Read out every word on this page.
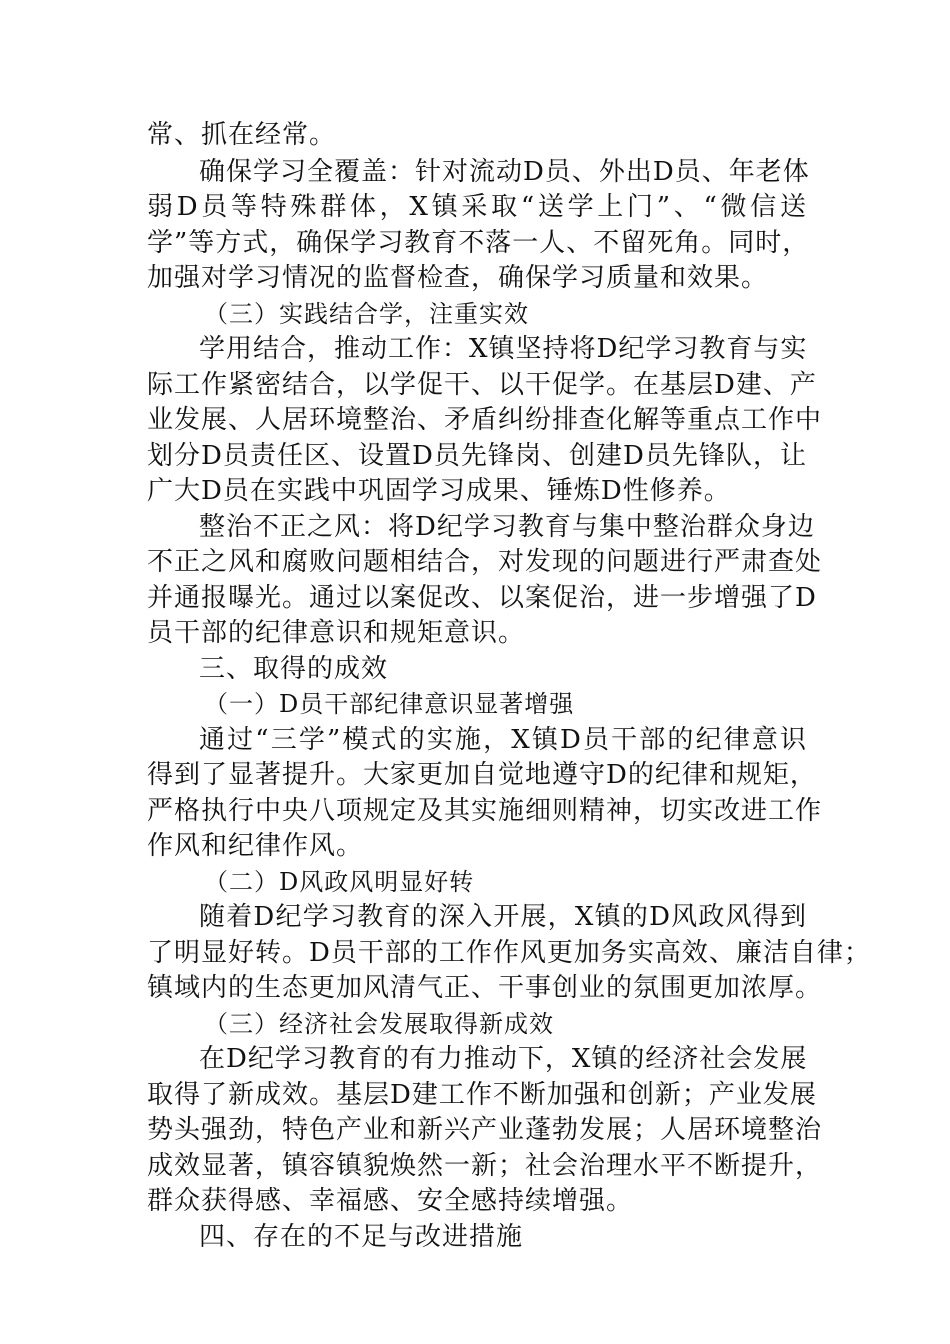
常、抓在经常。
确保学习全覆盖：针对流动D员、外出D员、年老体
弱D员等特殊群体，X镇采取“送学上门”、“微信送
学”等方式，确保学习教育不落一人、不留死角。同时，
加强对学习情况的监督检查，确保学习质量和效果。
（三）实践结合学，注重实效
学用结合，推动工作：X镇坚持将D纪学习教育与实
际工作紧密结合，以学促干、以干促学。在基层D建、产
业发展、人居环境整治、矛盾纠纷排查化解等重点工作中
划分D员责任区、设置D员先锋岗、创建D员先锋队，让
广大D员在实践中巩固学习成果、锤炼D性修养。
整治不正之风：将D纪学习教育与集中整治群众身边
不正之风和腐败问题相结合，对发现的问题进行严肃查处
并通报曝光。通过以案促改、以案促治，进一步增强了D
员干部的纪律意识和规矩意识。
三、取得的成效
（一）D员干部纪律意识显著增强
通过“三学”模式的实施，X镇D员干部的纪律意识
得到了显著提升。大家更加自觉地遵守D的纪律和规矩，
严格执行中央八项规定及其实施细则精神，切实改进工作
作风和纪律作风。
（二）D风政风明显好转
随着D纪学习教育的深入开展，X镇的D风政风得到
了明显好转。D员干部的工作作风更加务实高效、廉洁自律；
镇域内的生态更加风清气正、干事创业的氛围更加浓厚。
（三）经济社会发展取得新成效
在D纪学习教育的有力推动下，X镇的经济社会发展
取得了新成效。基层D建工作不断加强和创新；产业发展
势头强劲，特色产业和新兴产业蓬勃发展；人居环境整治
成效显著，镇容镇貌焕然一新；社会治理水平不断提升，
群众获得感、幸福感、安全感持续增强。
四、存在的不足与改进措施
